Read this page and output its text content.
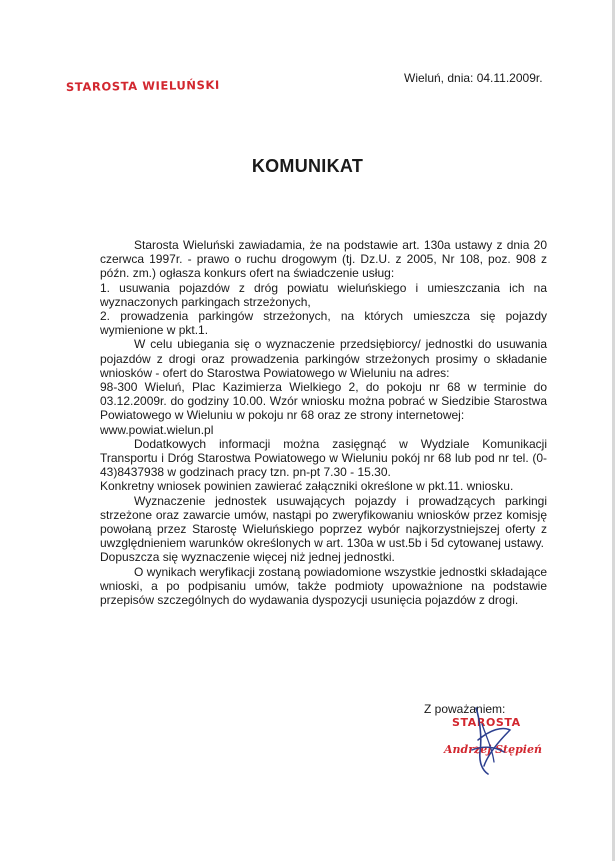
STAROSTA WIELUŃSKI	Wieluń, dnia: 04.11.2009r.
KOMUNIKAT

Starosta Wieluński zawiadamia, że na podstawie art. 130a ustawy z dnia 20 czerwca 1997r. - prawo o ruchu drogowym (tj. Dz.U. z 2005, Nr 108, poz. 908 z późn. zm.) ogłasza konkurs ofert na świadczenie usług:

1. usuwania pojazdów z dróg powiatu wieluńskiego i umieszczania ich na wyznaczonych parkingach strzeżonych,

2. prowadzenia parkingów strzeżonych, na których umieszcza się pojazdy wymienione w pkt.1.

W celu ubiegania się o wyznaczenie przedsiębiorcy/ jednostki do usuwania pojazdów z drogi oraz prowadzenia parkingów strzeżonych prosimy o składanie wniosków - ofert do Starostwa Powiatowego w Wieluniu na adres:

98-300 Wieluń, Plac Kazimierza Wielkiego 2, do pokoju nr 68 w terminie do 03.12.2009r. do godziny 10.00. Wzór wniosku można pobrać w Siedzibie Starostwa Powiatowego w Wieluniu w pokoju nr 68 oraz ze strony internetowej:

www.powiat.wielun.pl

Dodatkowych informacji można zasięgnąć w Wydziale Komunikacji Transportu i Dróg Starostwa Powiatowego w Wieluniu pokój nr 68 lub pod nr tel. (0-43)8437938 w godzinach pracy tzn. pn-pt 7.30 - 15.30.

Konkretny wniosek powinien zawierać załączniki określone w pkt.11. wniosku.

Wyznaczenie jednostek usuwających pojazdy i prowadzących parkingi strzeżone oraz zawarcie umów, nastąpi po zweryfikowaniu wniosków przez komisję powołaną przez Starostę Wieluńskiego poprzez wybór najkorzystniejszej oferty z uwzględnieniem warunków określonych w art. 130a w ust.5b i 5d cytowanej ustawy.

Dopuszcza się wyznaczenie więcej niż jednej jednostki.

O wynikach weryfikacji zostaną powiadomione wszystkie jednostki składające wnioski, a po podpisaniu umów, także podmioty upoważnione na podstawie przepisów szczególnych do wydawania dyspozycji usunięcia pojazdów z drogi.

Z poważaniem:
STAROSTA
Andrzej Stępień
